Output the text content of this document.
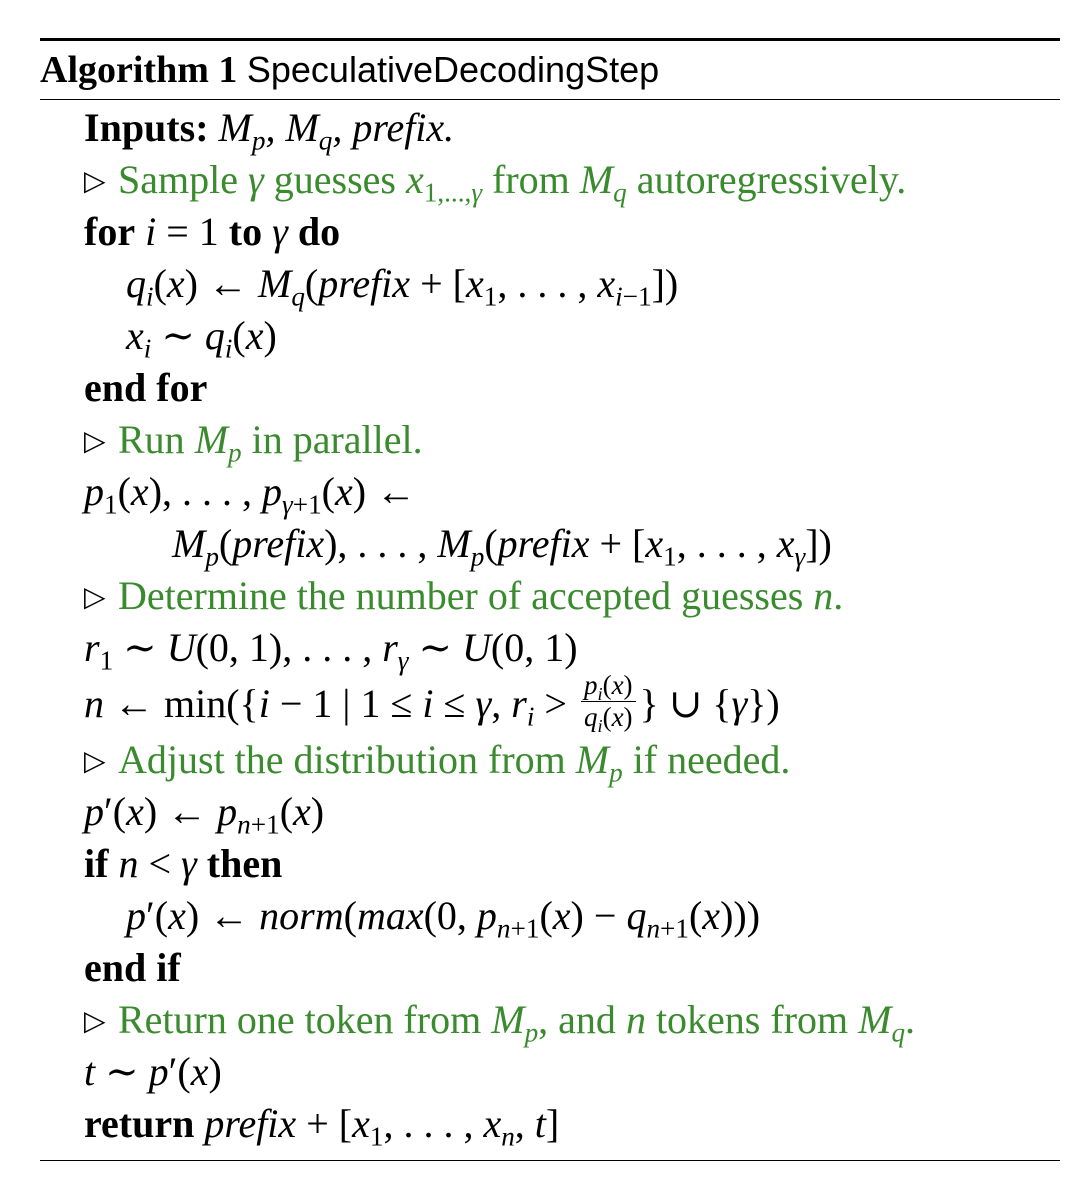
Algorithm 1 SpeculativeDecodingStep
Inputs: $M_p$, $M_q$, prefix.
▷ Sample γ guesses $x_{1,...,\gamma}$ from $M_q$ autoregressively.
for i = 1 to γ do
$q_i(x)$ ← $M_q(prefix + [x_1$, . . . , $x_{i-1}$])
$x_i$ ∼ $q_i(x)$
end for
▷ Run $M_p$ in parallel.
$p_1(x)$, . . . , $p_{\gamma+1}(x)$ ←
$M_p(prefix)$, . . . , $M_p(prefix + [x_1$, . . . , $x_\gamma$])
▷ Determine the number of accepted guesses n.
$r_1$ ∼ U(0, 1), . . . , $r_\gamma$ ∼ U(0, 1)
n ← min({i − 1 | 1 ≤ i ≤ γ, $r_i > \frac{p_i(x)}{q_i(x)}$ } ∪ {γ})
▷ Adjust the distribution from $M_p$ if needed.
p′(x) ← $p_{n+1}(x)$
if n < γ then
p′(x) ← norm(max(0, $p_{n+1}(x) - q_{n+1}(x)$))
end if
▷ Return one token from $M_p$, and n tokens from $M_q$.
t ∼ p′(x)
return prefix + [$x_1$, . . . , $x_n$, t]
